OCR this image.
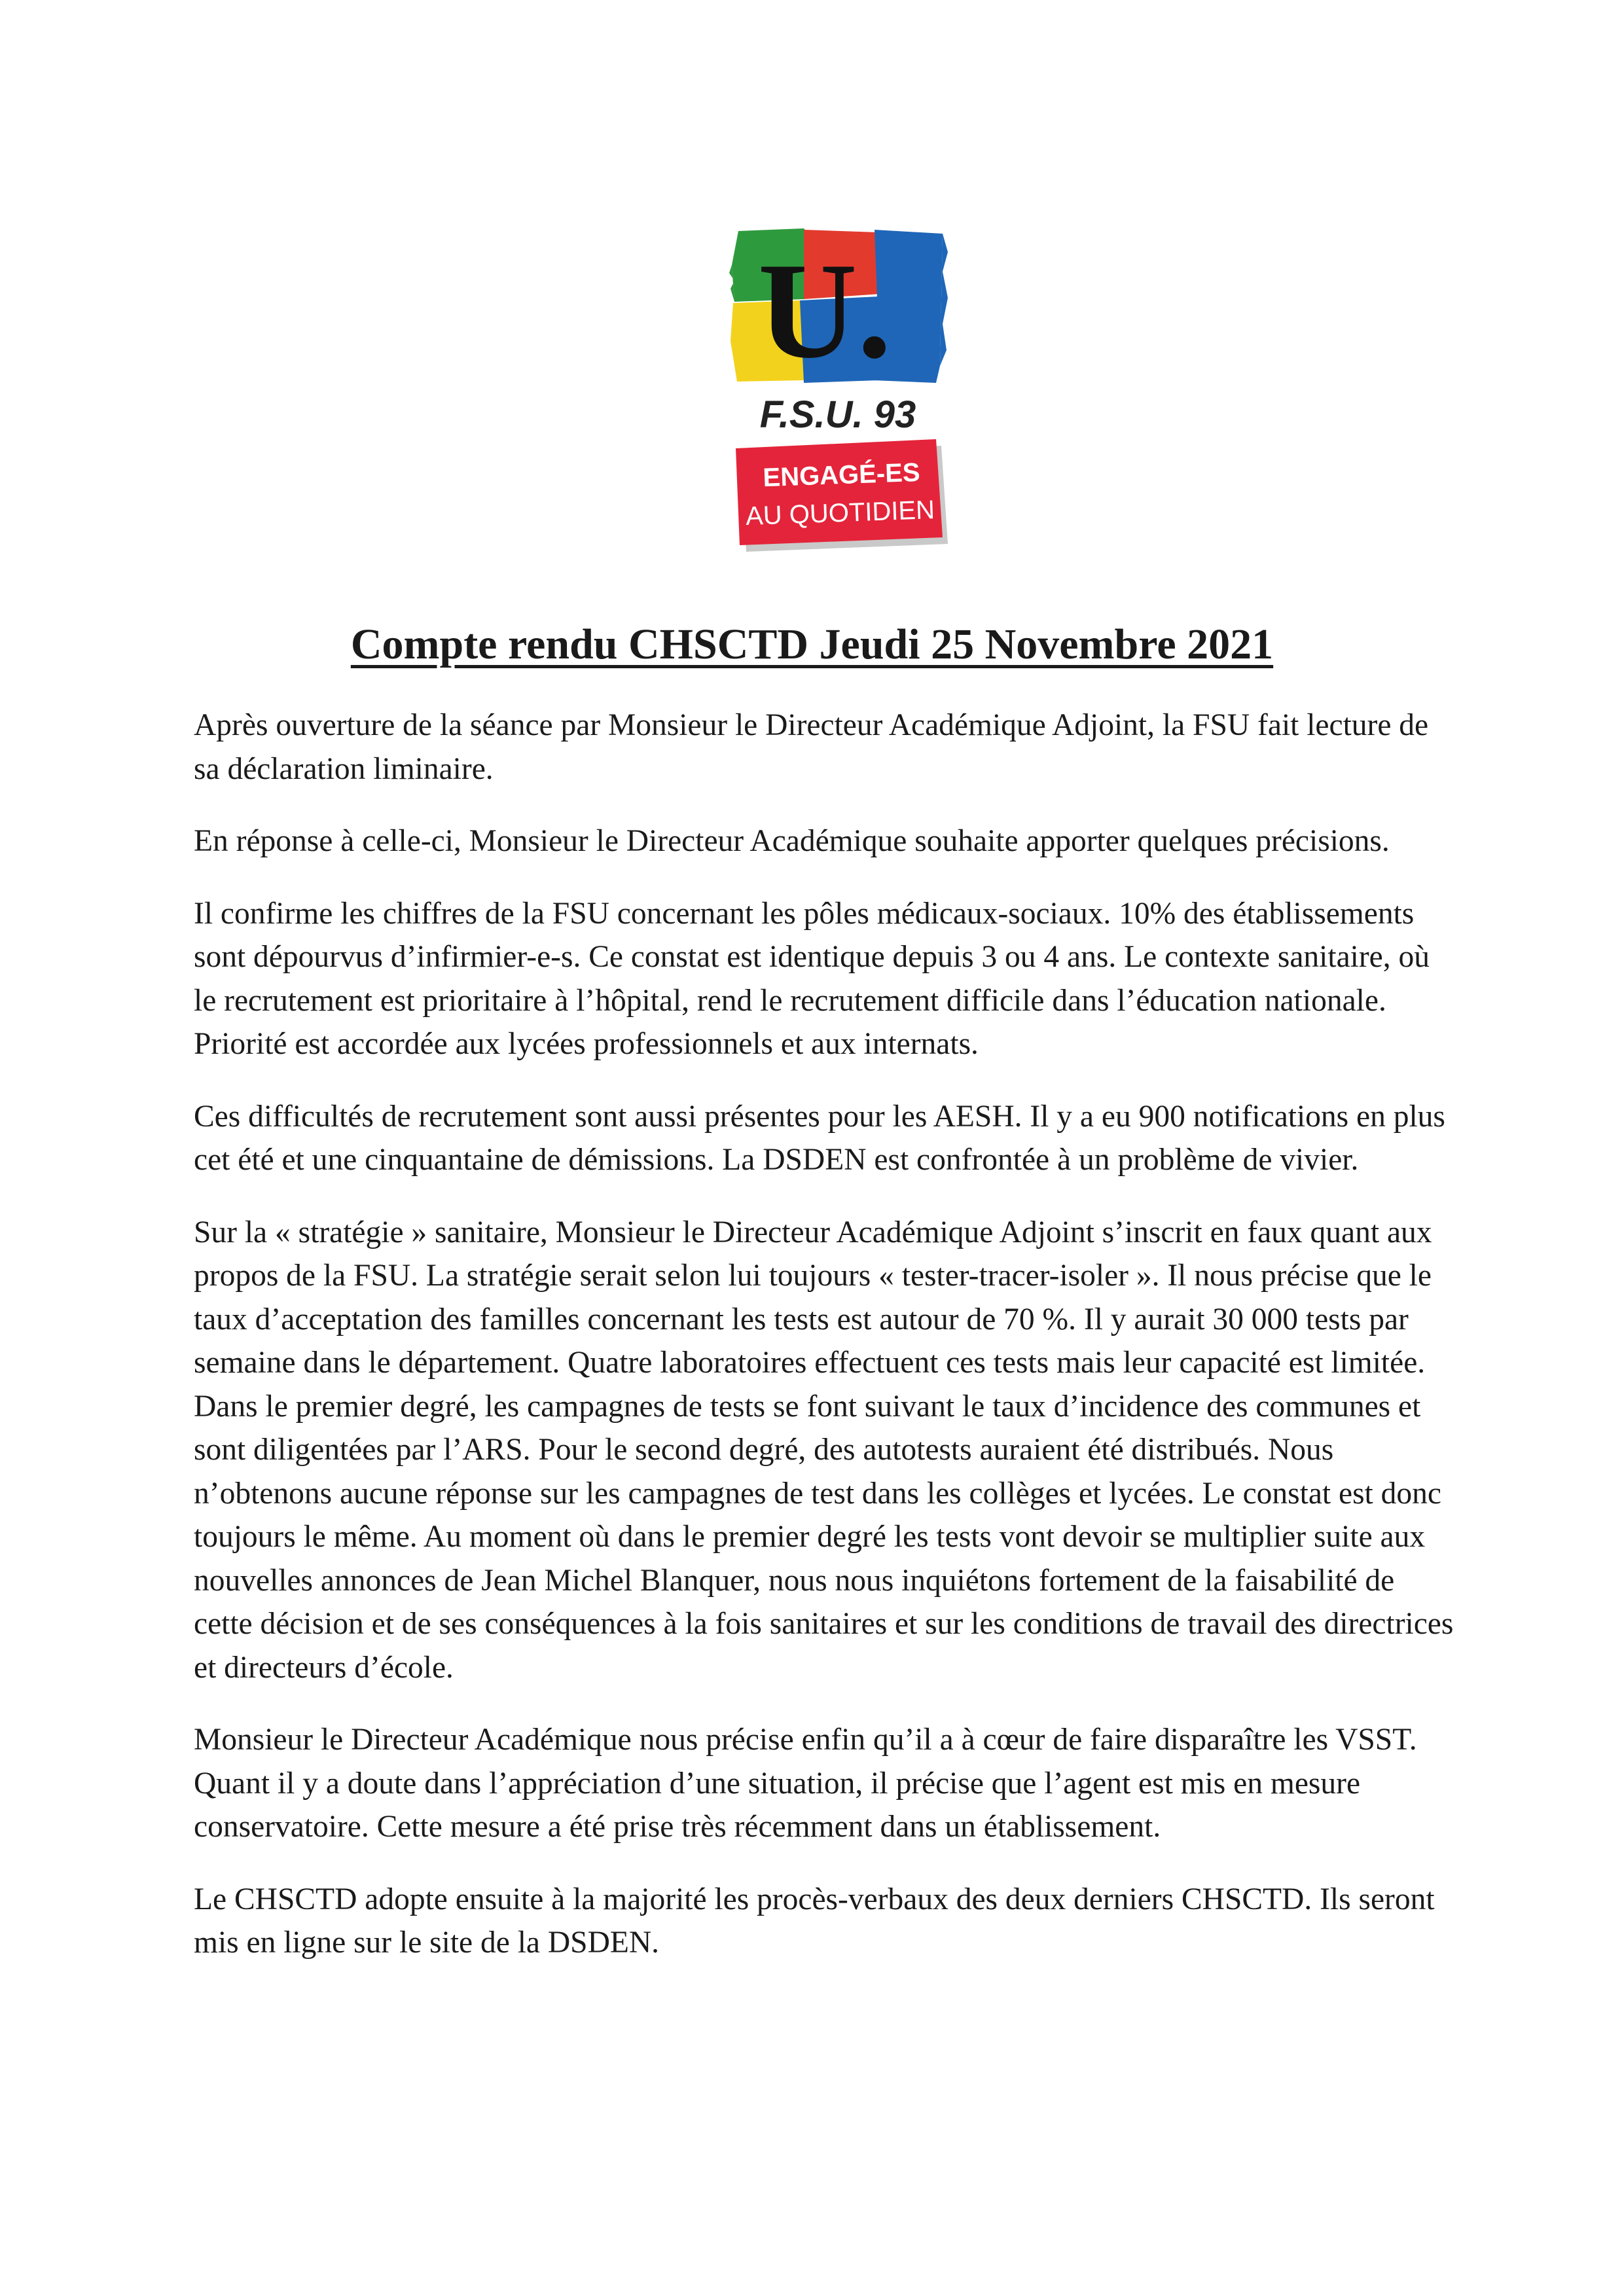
U.
F.S.U. 93
ENGAGÉ-ES
AU QUOTIDIEN
Compte rendu CHSCTD Jeudi 25 Novembre 2021

Après ouverture de la séance par Monsieur le Directeur Académique Adjoint, la FSU fait lecture de sa déclaration liminaire.

En réponse à celle-ci, Monsieur le Directeur Académique souhaite apporter quelques précisions.

Il confirme les chiffres de la FSU concernant les pôles médicaux-sociaux. 10% des établissements sont dépourvus d’infirmier-e-s. Ce constat est identique depuis 3 ou 4 ans. Le contexte sanitaire, où le recrutement est prioritaire à l’hôpital, rend le recrutement difficile dans l’éducation nationale. Priorité est accordée aux lycées professionnels et aux internats.

Ces difficultés de recrutement sont aussi présentes pour les AESH. Il y a eu 900 notifications en plus cet été et une cinquantaine de démissions. La DSDEN est confrontée à un problème de vivier.

Sur la « stratégie » sanitaire, Monsieur le Directeur Académique Adjoint s’inscrit en faux quant aux propos de la FSU. La stratégie serait selon lui toujours « tester-tracer-isoler ». Il nous précise que le taux d’acceptation des familles concernant les tests est autour de 70 %. Il y aurait 30 000 tests par semaine dans le département. Quatre laboratoires effectuent ces tests mais leur capacité est limitée. Dans le premier degré, les campagnes de tests se font suivant le taux d’incidence des communes et sont diligentées par l’ARS. Pour le second degré, des autotests auraient été distribués. Nous n’obtenons aucune réponse sur les campagnes de test dans les collèges et lycées. Le constat est donc toujours le même. Au moment où dans le premier degré les tests vont devoir se multiplier suite aux nouvelles annonces de Jean Michel Blanquer, nous nous inquiétons fortement de la faisabilité de cette décision et de ses conséquences à la fois sanitaires et sur les conditions de travail des directrices et directeurs d’école.

Monsieur le Directeur Académique nous précise enfin qu’il a à cœur de faire disparaître les VSST. Quant il y a doute dans l’appréciation d’une situation, il précise que l’agent est mis en mesure conservatoire. Cette mesure a été prise très récemment dans un établissement.

Le CHSCTD adopte ensuite à la majorité les procès-verbaux des deux derniers CHSCTD. Ils seront mis en ligne sur le site de la DSDEN.
